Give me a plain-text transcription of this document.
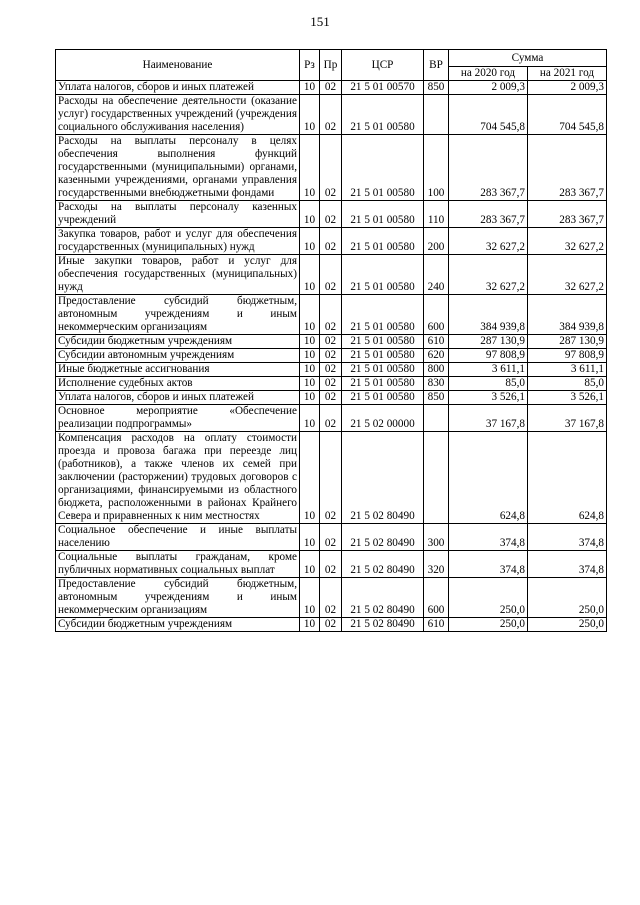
151
Наименование	Рз	Пр	ЦСР	ВР	Сумма	
					на 2020 год	на 2021 год
Уплата налогов, сборов и иных платежей	10	02	21 5 01 00570	850	2 009,3	2 009,3
Расходы на обеспечение деятельности (оказание услуг) государственных учреждений (учреждения социального обслуживания населения)	10	02	21 5 01 00580		704 545,8	704 545,8
Расходы на выплаты персоналу в целях обеспечения выполнения функций государственными (муниципальными) органами, казенными учреждениями, органами управления государственными внебюджетными фондами	10	02	21 5 01 00580	100	283 367,7	283 367,7
Расходы на выплаты персоналу казенных учреждений	10	02	21 5 01 00580	110	283 367,7	283 367,7
Закупка товаров, работ и услуг для обеспечения государственных (муниципальных) нужд	10	02	21 5 01 00580	200	32 627,2	32 627,2
Иные закупки товаров, работ и услуг для обеспечения государственных (муниципальных) нужд	10	02	21 5 01 00580	240	32 627,2	32 627,2
Предоставление субсидий бюджетным, автономным учреждениям и иным некоммерческим организациям	10	02	21 5 01 00580	600	384 939,8	384 939,8
Субсидии бюджетным учреждениям	10	02	21 5 01 00580	610	287 130,9	287 130,9
Субсидии автономным учреждениям	10	02	21 5 01 00580	620	97 808,9	97 808,9
Иные бюджетные ассигнования	10	02	21 5 01 00580	800	3 611,1	3 611,1
Исполнение судебных актов	10	02	21 5 01 00580	830	85,0	85,0
Уплата налогов, сборов и иных платежей	10	02	21 5 01 00580	850	3 526,1	3 526,1
Основное мероприятие «Обеспечение реализации подпрограммы»	10	02	21 5 02 00000		37 167,8	37 167,8
Компенсация расходов на оплату стоимости проезда и провоза багажа при переезде лиц (работников), а также членов их семей при заключении (расторжении) трудовых договоров с организациями, финансируемыми из областного бюджета, расположенными в районах Крайнего Севера и приравненных к ним местностях	10	02	21 5 02 80490		624,8	624,8
Социальное обеспечение и иные выплаты населению	10	02	21 5 02 80490	300	374,8	374,8
Социальные выплаты гражданам, кроме публичных нормативных социальных выплат	10	02	21 5 02 80490	320	374,8	374,8
Предоставление субсидий бюджетным, автономным учреждениям и иным некоммерческим организациям	10	02	21 5 02 80490	600	250,0	250,0
Субсидии бюджетным учреждениям	10	02	21 5 02 80490	610	250,0	250,0
